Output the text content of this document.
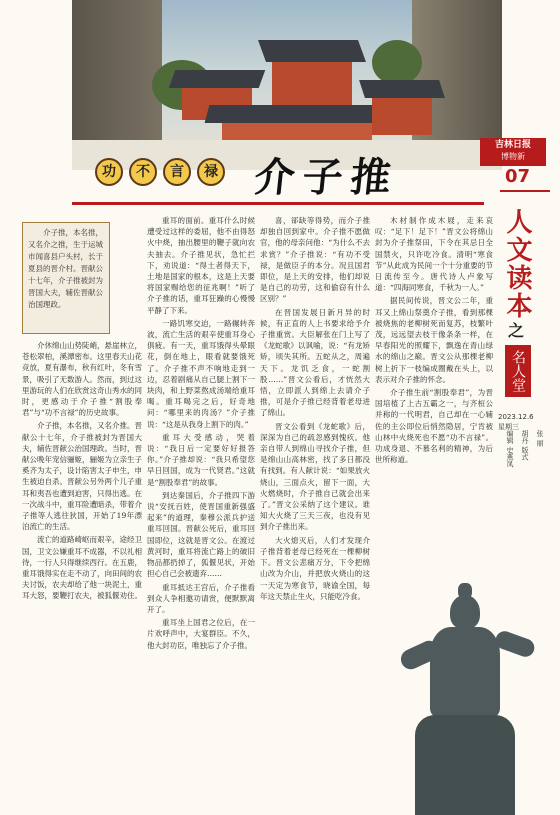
吉林日报
博物新
功	不	言	禄 介子推	07
人文读本
之
名人堂
2023.12.6
星期三
编辑 史燕凤 胡丹 版式 张 丽
介子推，本名推，又名介之推，生于运城市闻喜县户头村，长于夏县的晋介村。晋献公十七年，介子推被封为晋国大夫，辅佐晋献公治国理政。

介休绵山山势陡峭，悬崖林立，苍松翠柏，溪潭密布。这里春天山花竞放，夏有瀑布，秋有红叶，冬有雪景，吸引了无数游人。然而，到过这里游玩的人们在欣赏这奇山秀水的同时，更感动于介子推“割股奉君”与“功不言禄”的历史故事。

介子推，本名推，又名介推。晋献公十七年，介子推被封为晋国大夫，辅佐晋献公治国理政。当时，晋献公晚年宠信骊姬，骊姬为立亲生子奚齐为太子，设计陷害太子申生，申生被迫自杀。晋献公另外两个儿子重耳和夷吾也遭到迫害，只得出逃。在一次战斗中，重耳险遭暗杀，带着介子推等人逃往狄国，开始了19年漂泊流亡的生活。

流亡的道路崎岖而艰辛，途经卫国，卫文公嫌重耳不成器，不以礼相待，一行人只得继续西行。在五鹿，重耳饿得实在走不动了，向田间的农夫讨饭，农夫却给了他一块泥土，重耳大怒，要鞭打农夫，被狐偃劝住。

重耳的面前。重耳什么时候遭受过这样的委屈，他不由得怒火中烧，抽出腰里的鞭子就向农夫抽去。介子推见状，急忙拦下，劝说道：“得土者得天下，土地是国家的根本，这是上天要将国家赐给您的征兆啊！”听了介子推的话，重耳狂躁的心慢慢平静了下来。

一路饥寒交迫，一路辗转奔波，流亡生活的艰辛使重耳身心俱疲。有一天，重耳饿得头晕眼花，倒在地上，眼看就要饿死了。介子推不声不响地走到一边，忍着剧痛从自己腿上割下一块肉，和上野菜熬成汤端给重耳喝。重耳喝完之后，好奇地问：“哪里来的肉汤？”介子推说：“这是从我身上割下的肉。”

重耳大受感动，哭着说：“我日后一定要好好报答你。”介子推却说：“我只希望您早日回国，成为一代贤君。”这就是“割股奉君”的故事。

到达秦国后，介子推四下游说“安抚百姓，使晋国重新强盛起来”的道理，秦穆公派兵护送重耳回国。晋献公死后，重耳回国即位，这就是晋文公。在渡过黄河时，重耳将流亡路上的破旧物品都扔掉了，狐偃见状，开始担心自己会被遗弃……

重耳抵达王宫后，介子推看到众人争相邀功请赏，便默默离开了。

重耳坐上国君之位后，在一片欢呼声中，大宴群臣。不久，他大封功臣，唯独忘了介子推。

喜，郤缺等得势，而介子推却独自回到家中。介子推不愿做官，他的母亲问他：“为什么不去求赏？”介子推说：“有功不受禄，是做臣子的本分。况且国君即位，是上天的安排，他们却说是自己的功劳，这和偷窃有什么区别？”

在晋国发展日新月异的时候，有正直的人上书要求给予介子推重赏。大臣解张在门上写了《龙蛇歌》以讽喻，说：“有龙矫矫，顷失其所。五蛇从之，周遍天下。龙饥乏食，一蛇割股……”晋文公看后，才恍然大悟，立即派人到绵上去请介子推，可是介子推已经背着老母进了绵山。

晋文公看到《龙蛇歌》后，深深为自己的疏忽感到愧疚。他亲自带人到绵山寻找介子推，但是绵山山高林密，找了多日都没有找到。有人献计说：“如果放火烧山，三面点火，留下一面，大火燃烧时，介子推自己就会出来了。”晋文公采纳了这个建议。谁知大火烧了三天三夜，也没有见到介子推出来。

大火熄灭后，人们才发现介子推背着老母已经死在一棵柳树下。晋文公悲痛万分，下令把绵山改为介山，并把放火烧山的这一天定为寒食节，晓谕全国，每年这天禁止生火，只能吃冷食。

木材制作成木屐，走来哀叹：“足下！足下！”晋文公将绵山封为介子推祭田，下令在其忌日全国禁火，只许吃冷食。清明“寒食节”从此成为民间一个十分重要的节日流传至今。唐代诗人卢象写道：“四海同寒食，千秋为一人。”

据民间传说，晋文公二年，重耳又上绵山祭奠介子推，看到那棵被烧焦的老柳树死而复苏，枝繁叶茂，远远望去枝干像条条一样，在早春阳光的照耀下，飘逸在青山绿水的绵山之巅。晋文公从那棵老柳树上折下一枝编成圈戴在头上，以表示对介子推的怀念。

介子推生前“割股奉君”，为晋国培植了上古五霸之一，与齐桓公并称的一代明君，自己却在一心辅佐的主公即位后悄然隐居，宁肯被山林中火烧死也不愿“功不言禄”。功成身退、不慕名利的精神，为后世所称道。
